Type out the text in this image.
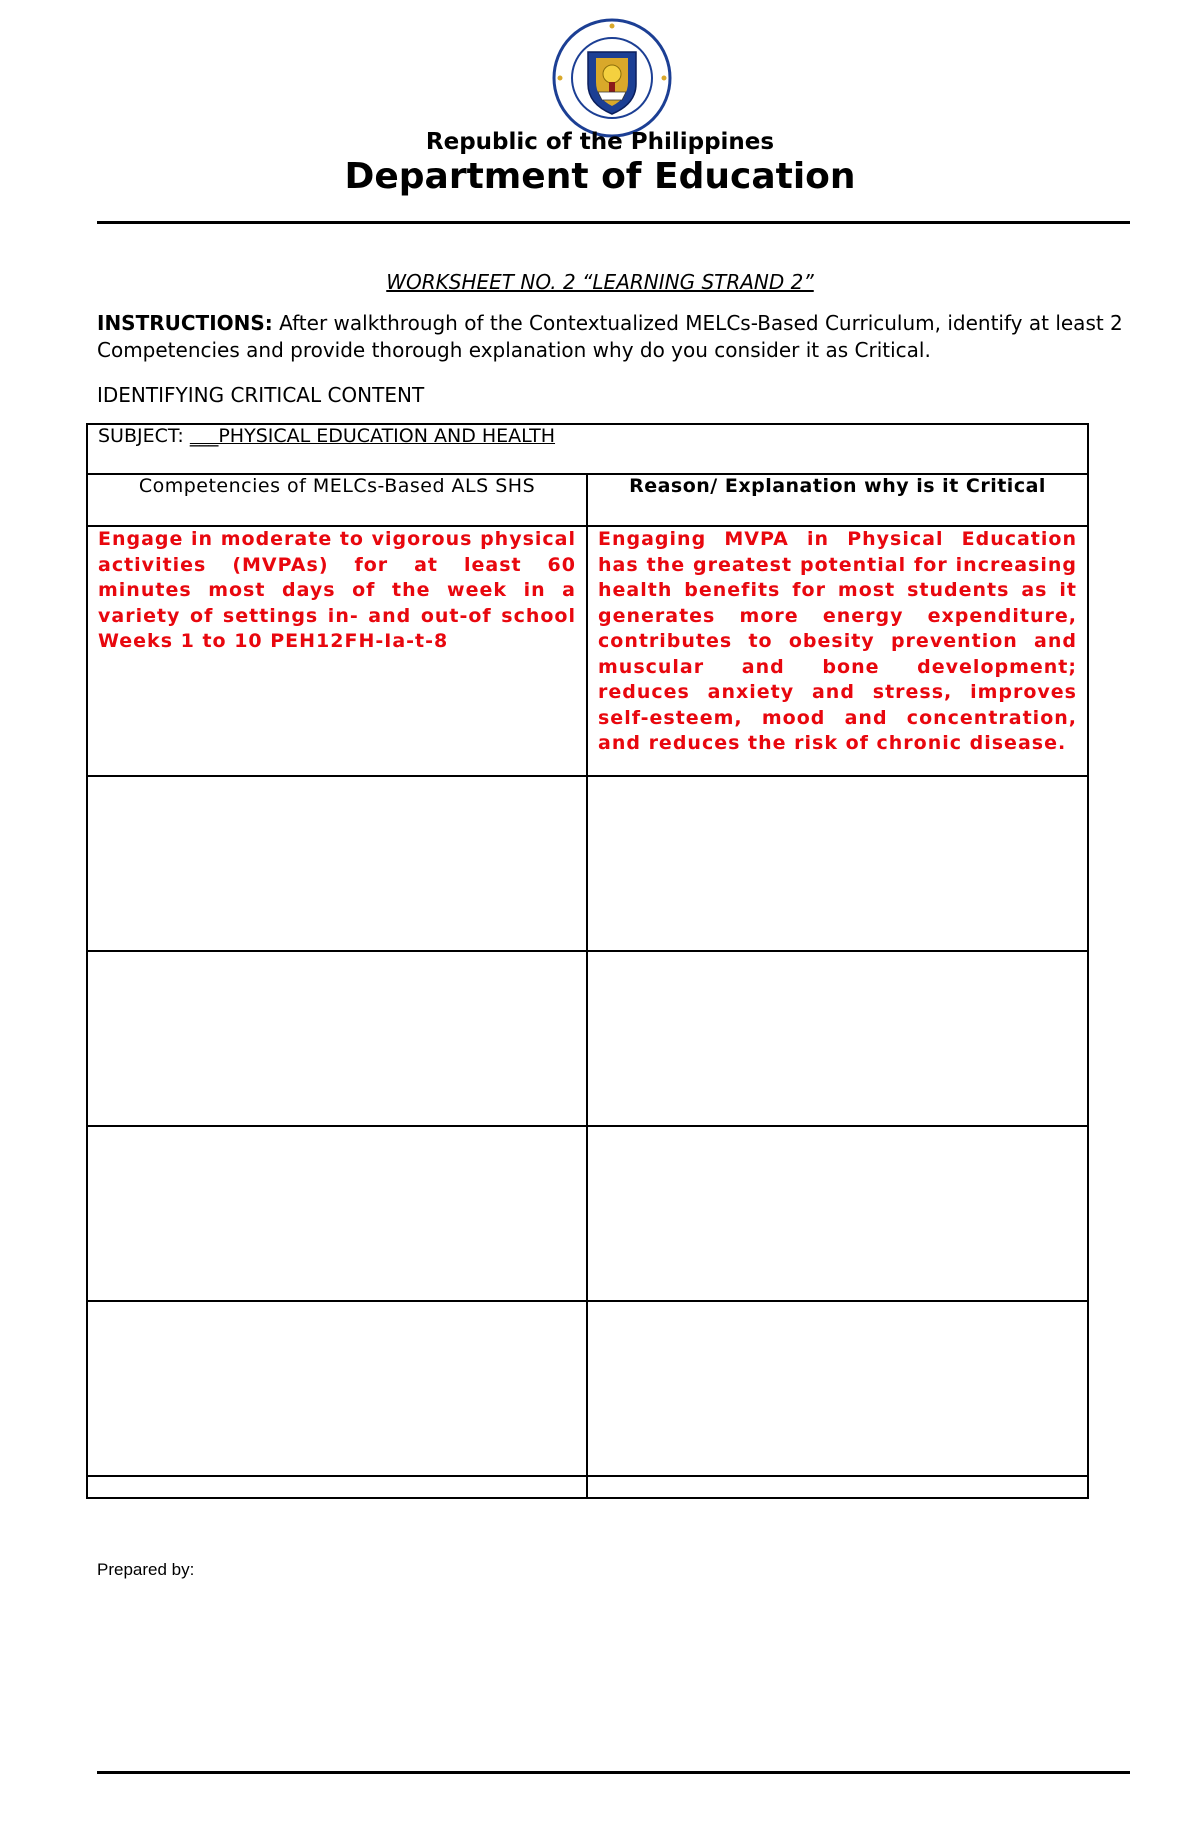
Republic of the Philippines
Department of Education
WORKSHEET NO. 2 “LEARNING STRAND 2”
INSTRUCTIONS: After walkthrough of the Contextualized MELCs-Based Curriculum, identify at least 2 Competencies and provide thorough explanation why do you consider it as Critical.
IDENTIFYING CRITICAL CONTENT
SUBJECT: ___PHYSICAL EDUCATION AND HEALTH	
Competencies of MELCs-Based ALS SHS	Reason/ Explanation why is it Critical
Engage in moderate to vigorous physical activities (MVPAs) for at least 60 minutes most days of the week in a variety of settings in- and out-of school Weeks 1 to 10 PEH12FH-Ia-t-8	Engaging MVPA in Physical Education has the greatest potential for increasing health benefits for most students as it generates more energy expenditure, contributes to obesity prevention and muscular and bone development; reduces anxiety and stress, improves self-esteem, mood and concentration, and reduces the risk of chronic disease.

Prepared by:
